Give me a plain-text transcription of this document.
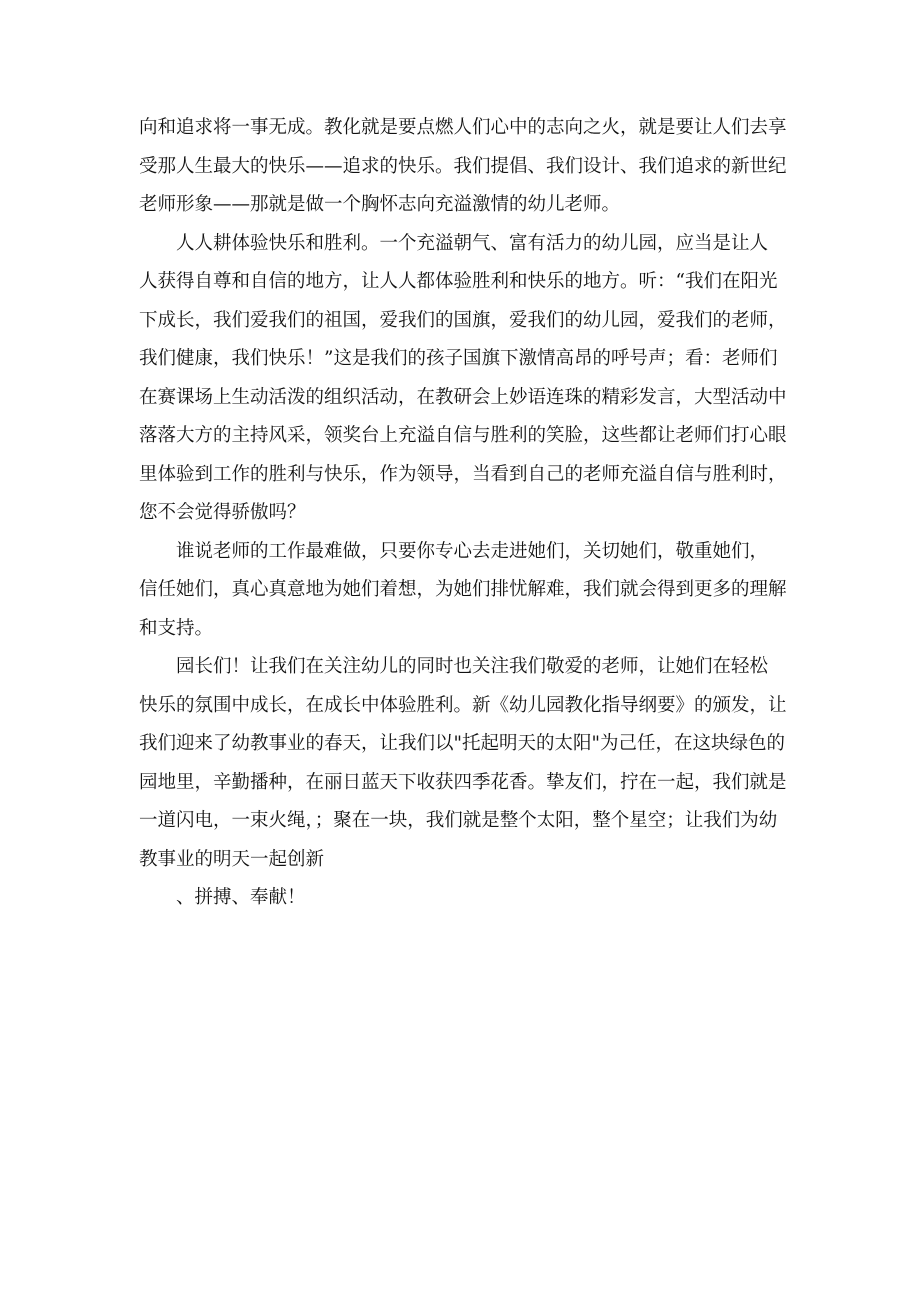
向和追求将一事无成。教化就是要点燃人们心中的志向之火，就是要让人们去享
受那人生最大的快乐——追求的快乐。我们提倡、我们设计、我们追求的新世纪
老师形象——那就是做一个胸怀志向充溢激情的幼儿老师。
人人耕体验快乐和胜利。一个充溢朝气、富有活力的幼儿园，应当是让人
人获得自尊和自信的地方，让人人都体验胜利和快乐的地方。听：“我们在阳光
下成长，我们爱我们的祖国，爱我们的国旗，爱我们的幼儿园，爱我们的老师，
我们健康，我们快乐！”这是我们的孩子国旗下激情高昂的呼号声；看：老师们
在赛课场上生动活泼的组织活动，在教研会上妙语连珠的精彩发言，大型活动中
落落大方的主持风采，领奖台上充溢自信与胜利的笑脸，这些都让老师们打心眼
里体验到工作的胜利与快乐，作为领导，当看到自己的老师充溢自信与胜利时，
您不会觉得骄傲吗？
谁说老师的工作最难做，只要你专心去走进她们，关切她们，敬重她们，
信任她们，真心真意地为她们着想，为她们排忧解难，我们就会得到更多的理解
和支持。
园长们！让我们在关注幼儿的同时也关注我们敬爱的老师，让她们在轻松
快乐的氛围中成长，在成长中体验胜利。新《幼儿园教化指导纲要》的颁发，让
我们迎来了幼教事业的春天，让我们以"托起明天的太阳"为己任，在这块绿色的
园地里，辛勤播种，在丽日蓝天下收获四季花香。挚友们，拧在一起，我们就是
一道闪电，一束火绳，；聚在一块，我们就是整个太阳，整个星空；让我们为幼
教事业的明天一起创新
、拼搏、奉献！
